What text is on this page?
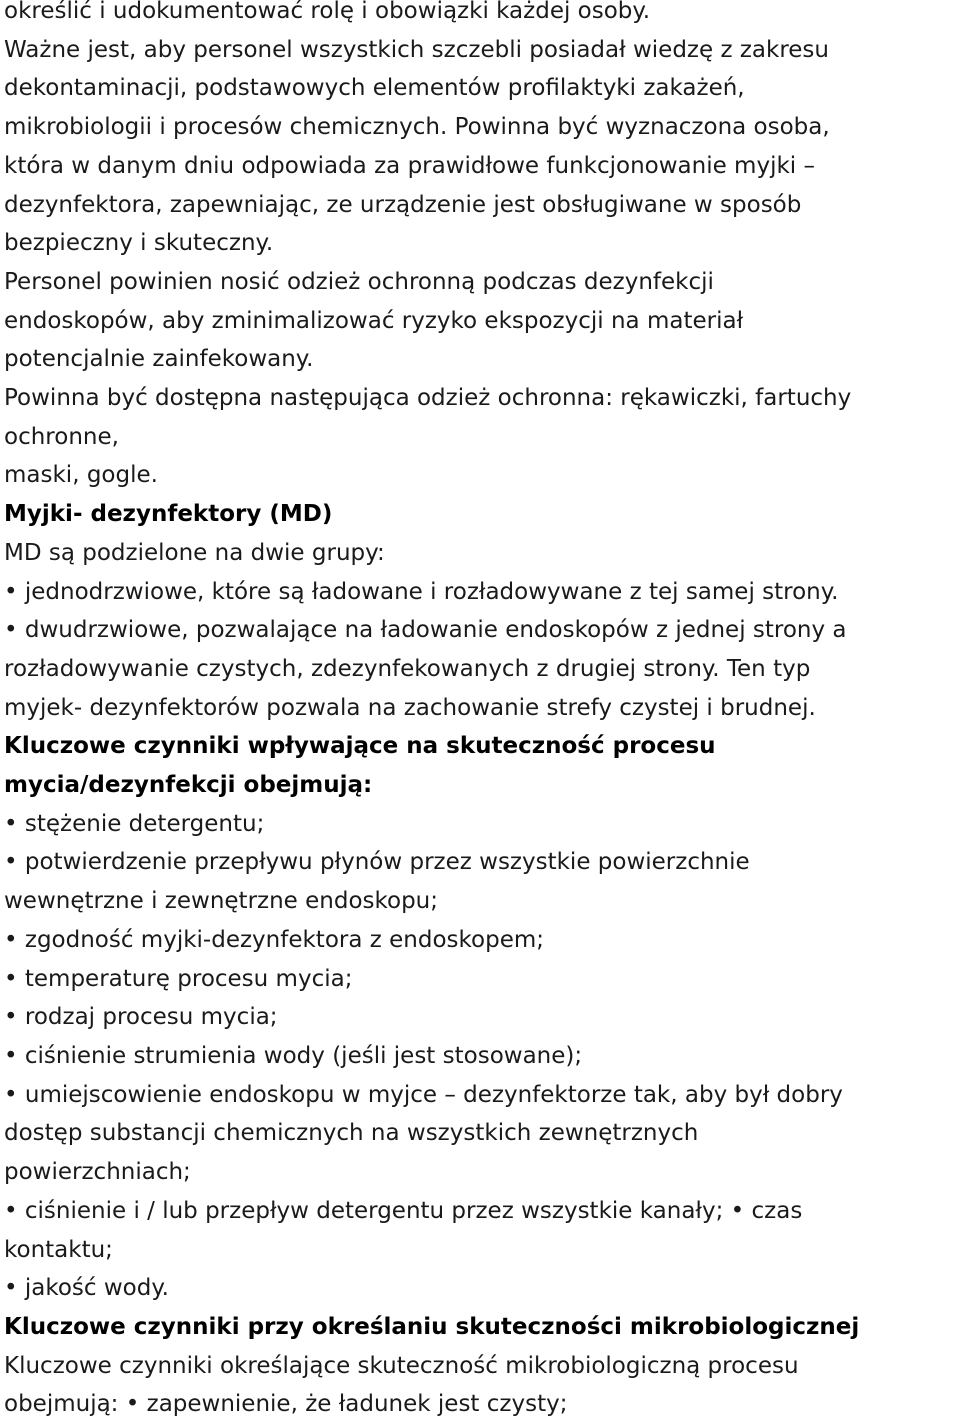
określić i udokumentować rolę i obowiązki każdej osoby.

Ważne jest, aby personel wszystkich szczebli posiadał wiedzę z zakresu

dekontaminacji, podstawowych elementów profilaktyki zakażeń,

mikrobiologii i procesów chemicznych. Powinna być wyznaczona osoba,

która w danym dniu odpowiada za prawidłowe funkcjonowanie myjki –

dezynfektora, zapewniając, ze urządzenie jest obsługiwane w sposób

bezpieczny i skuteczny.

Personel powinien nosić odzież ochronną podczas dezynfekcji

endoskopów, aby zminimalizować ryzyko ekspozycji na materiał

potencjalnie zainfekowany.

Powinna być dostępna następująca odzież ochronna: rękawiczki, fartuchy

ochronne,

maski, gogle.

Myjki- dezynfektory (MD)

MD są podzielone na dwie grupy:

• jednodrzwiowe, które są ładowane i rozładowywane z tej samej strony.

• dwudrzwiowe, pozwalające na ładowanie endoskopów z jednej strony a

rozładowywanie czystych, zdezynfekowanych z drugiej strony. Ten typ

myjek- dezynfektorów pozwala na zachowanie strefy czystej i brudnej.

Kluczowe czynniki wpływające na skuteczność procesu

mycia/dezynfekcji obejmują:

• stężenie detergentu;

• potwierdzenie przepływu płynów przez wszystkie powierzchnie

wewnętrzne i zewnętrzne endoskopu;

• zgodność myjki-dezynfektora z endoskopem;

• temperaturę procesu mycia;

• rodzaj procesu mycia;

• ciśnienie strumienia wody (jeśli jest stosowane);

• umiejscowienie endoskopu w myjce – dezynfektorze tak, aby był dobry

dostęp substancji chemicznych na wszystkich zewnętrznych

powierzchniach;

• ciśnienie i / lub przepływ detergentu przez wszystkie kanały; • czas

kontaktu;

• jakość wody.

Kluczowe czynniki przy określaniu skuteczności mikrobiologicznej

Kluczowe czynniki określające skuteczność mikrobiologiczną procesu

obejmują: • zapewnienie, że ładunek jest czysty;
